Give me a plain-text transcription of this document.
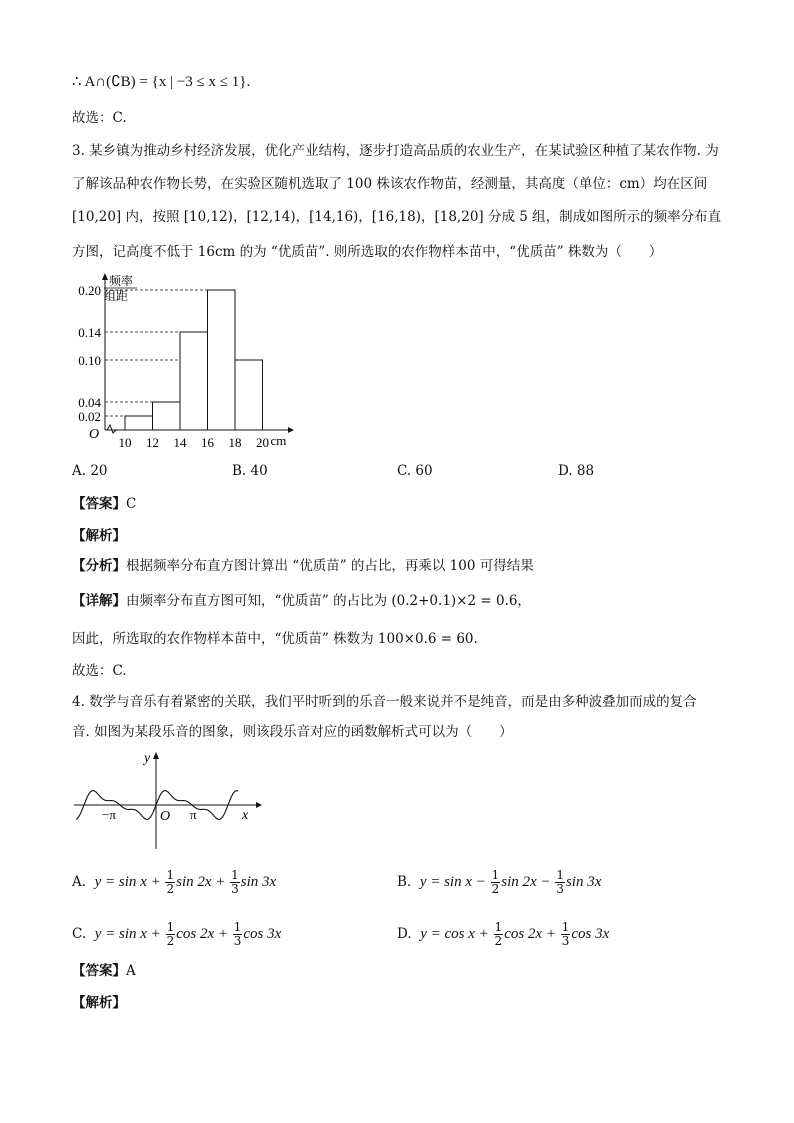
∴ A∩(∁B) = {x | −3 ≤ x ≤ 1}.
故选：C.
3. 某乡镇为推动乡村经济发展，优化产业结构，逐步打造高品质的农业生产，在某试验区种植了某农作物. 为
了解该品种农作物长势，在实验区随机选取了 100 株该农作物苗，经测量，其高度（单位：cm）均在区间
[10,20] 内，按照 [10,12)，[12,14)，[14,16)，[16,18)，[18,20] 分成 5 组，制成如图所示的频率分布直
方图，记高度不低于 16cm 的为 “优质苗”. 则所选取的农作物样本苗中，“优质苗” 株数为（　　）
0.02
0.04
0.10
0.14
0.20
10 12 14 16 18 20 cm
O
频率
组距
A. 20	B. 40	C. 60	D. 88
【答案】C
【解析】
【分析】根据频率分布直方图计算出 “优质苗” 的占比，再乘以 100 可得结果
【详解】由频率分布直方图可知，“优质苗” 的占比为 (0.2+0.1)×2 = 0.6，
因此，所选取的农作物样本苗中，“优质苗” 株数为 100×0.6 = 60.
故选：C.
4. 数学与音乐有着紧密的关联，我们平时听到的乐音一般来说并不是纯音，而是由多种波叠加而成的复合
音. 如图为某段乐音的图象，则该段乐音对应的函数解析式可以为（　　）
y
x
O
−π	π
A. $y = \sin x + \frac{1}{2}$ $\sin 2x + \frac{1}{3}$ sin 3x	B. $y = \sin x - \frac{1}{2}$ $\sin 2x - \frac{1}{3}$ sin 3x
C. $y = \sin x + \frac{1}{2}$ $\cos 2x + \frac{1}{3}$ cos 3x	D. $y = \cos x + \frac{1}{2}$ $\cos 2x + \frac{1}{3}$ cos 3x
【答案】A
【解析】
